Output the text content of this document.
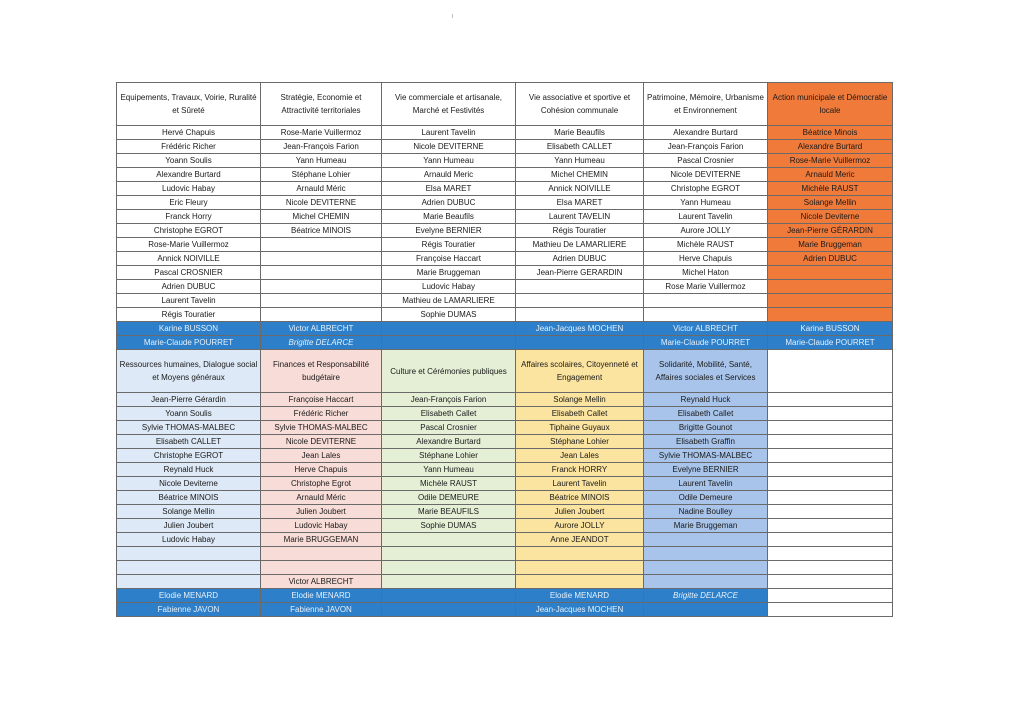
Equipements, Travaux, Voirie, Ruralité et Sûreté	Stratégie, Economie et Attractivité territoriales	Vie commerciale et artisanale, Marché et Festivités	Vie associative et sportive et Cohésion communale	Patrimoine, Mémoire, Urbanisme et Environnement	Action municipale et Démocratie locale
Hervé Chapuis	Rose-Marie Vuillermoz	Laurent Tavelin	Marie Beaufils	Alexandre Burtard	Béatrice Minois
Frédéric Richer	Jean-François Farion	Nicole DEVITERNE	Elisabeth CALLET	Jean-François Farion	Alexandre Burtard
Yoann Soulis	Yann Humeau	Yann Humeau	Yann Humeau	Pascal Crosnier	Rose-Marie Vuillermoz
Alexandre Burtard	Stéphane Lohier	Arnauld Meric	Michel CHEMIN	Nicole DEVITERNE	Arnauld Meric
Ludovic Habay	Arnauld Méric	Elsa MARET	Annick NOIVILLE	Christophe EGROT	Michèle RAUST
Eric Fleury	Nicole DEVITERNE	Adrien DUBUC	Elsa MARET	Yann Humeau	Solange Mellin
Franck Horry	Michel CHEMIN	Marie Beaufils	Laurent TAVELIN	Laurent Tavelin	Nicole Deviterne
Christophe EGROT	Béatrice MINOIS	Evelyne BERNIER	Régis Touratier	Aurore JOLLY	Jean-Pierre GÉRARDIN
Rose-Marie Vuillermoz		Régis Touratier	Mathieu De LAMARLIERE	Michèle RAUST	Marie Bruggeman
Annick NOIVILLE		Françoise Haccart	Adrien DUBUC	Herve Chapuis	Adrien DUBUC
Pascal CROSNIER		Marie Bruggeman	Jean-Pierre GERARDIN	Michel Haton	
Adrien DUBUC		Ludovic Habay		Rose Marie Vuillermoz	
Laurent Tavelin		Mathieu de LAMARLIERE			
Régis Touratier		Sophie DUMAS			
Karine BUSSON	Victor ALBRECHT		Jean-Jacques MOCHEN	Victor ALBRECHT	Karine BUSSON
Marie-Claude POURRET	Brigitte DELARCE			Marie-Claude POURRET	Marie-Claude POURRET
Ressources humaines, Dialogue social et Moyens généraux	Finances et Responsabilité budgétaire	Culture et Cérémonies publiques	Affaires scolaires, Citoyenneté et Engagement	Solidarité, Mobilité, Santé, Affaires sociales et Services	
Jean-Pierre Gérardin	Françoise Haccart	Jean-François Farion	Solange Mellin	Reynald Huck	
Yoann Soulis	Frédéric Richer	Elisabeth Callet	Elisabeth Callet	Elisabeth Callet	
Sylvie THOMAS-MALBEC	Sylvie THOMAS-MALBEC	Pascal Crosnier	Tiphaine Guyaux	Brigitte Gounot	
Elisabeth CALLET	Nicole DEVITERNE	Alexandre Burtard	Stéphane Lohier	Elisabeth Graffin	
Christophe EGROT	Jean Lales	Stéphane Lohier	Jean Lales	Sylvie THOMAS-MALBEC	
Reynald Huck	Herve Chapuis	Yann Humeau	Franck HORRY	Evelyne BERNIER	
Nicole Deviterne	Christophe Egrot	Michèle RAUST	Laurent Tavelin	Laurent Tavelin	
Béatrice MINOIS	Arnauld Méric	Odile DEMEURE	Béatrice MINOIS	Odile Demeure	
Solange Mellin	Julien Joubert	Marie BEAUFILS	Julien Joubert	Nadine Boulley	
Julien Joubert	Ludovic Habay	Sophie DUMAS	Aurore JOLLY	Marie Bruggeman	
Ludovic Habay	Marie BRUGGEMAN		Anne JEANDOT		

	Victor ALBRECHT				
Elodie MENARD	Elodie MENARD		Elodie MENARD	Brigitte DELARCE	
Fabienne JAVON	Fabienne JAVON		Jean-Jacques MOCHEN		
